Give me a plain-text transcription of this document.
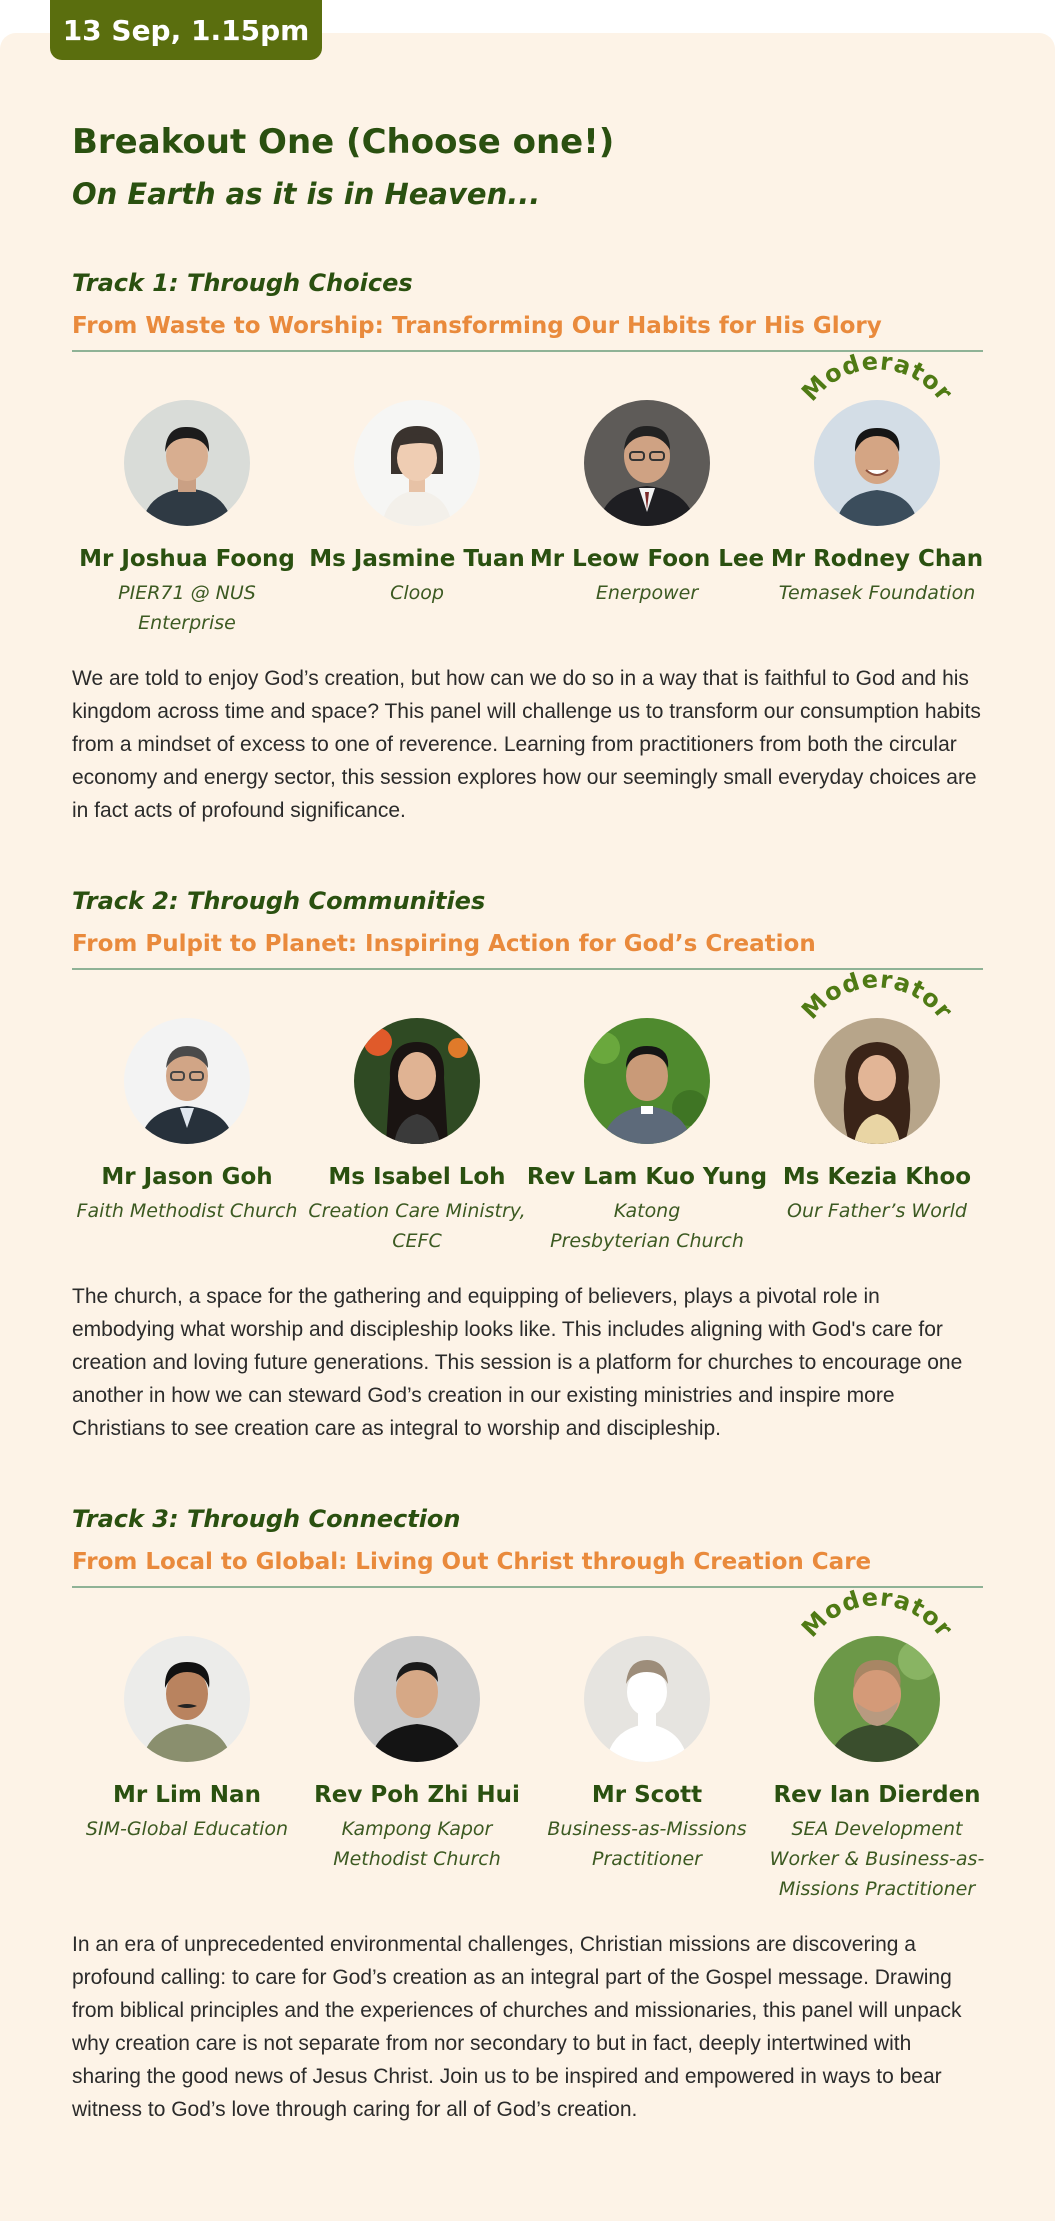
13 Sep, 1.15pm
Breakout One (Choose one!)
On Earth as it is in Heaven...
Track 1: Through Choices
From Waste to Worship: Transforming Our Habits for His Glory
Mr Joshua Foong
PIER71 @ NUS
Enterprise
Ms Jasmine Tuan
Cloop
Mr Leow Foon Lee
Enerpower
Moderator
Mr Rodney Chan
Temasek Foundation

We are told to enjoy God’s creation, but how can we do so in a way that is faithful to God and his kingdom across time and space? This panel will challenge us to transform our consumption habits from a mindset of excess to one of reverence. Learning from practitioners from both the circular economy and energy sector, this session explores how our seemingly small everyday choices are in fact acts of profound significance.

Track 2: Through Communities
From Pulpit to Planet: Inspiring Action for God’s Creation
Mr Jason Goh
Faith Methodist Church
Ms Isabel Loh
Creation Care Ministry,
CEFC
Rev Lam Kuo Yung
Katong
Presbyterian Church
Moderator
Ms Kezia Khoo
Our Father’s World

The church, a space for the gathering and equipping of believers, plays a pivotal role in embodying what worship and discipleship looks like. This includes aligning with God's care for creation and loving future generations. This session is a platform for churches to encourage one another in how we can steward God’s creation in our existing ministries and inspire more Christians to see creation care as integral to worship and discipleship.

Track 3: Through Connection
From Local to Global: Living Out Christ through Creation Care
Mr Lim Nan
SIM-Global Education
Rev Poh Zhi Hui
Kampong Kapor
Methodist Church
Mr Scott
Business-as-Missions
Practitioner
Moderator
Rev Ian Dierden
SEA Development
Worker & Business-as-
Missions Practitioner

In an era of unprecedented environmental challenges, Christian missions are discovering a profound calling: to care for God’s creation as an integral part of the Gospel message. Drawing from biblical principles and the experiences of churches and missionaries, this panel will unpack why creation care is not separate from nor secondary to but in fact, deeply intertwined with sharing the good news of Jesus Christ. Join us to be inspired and empowered in ways to bear witness to God’s love through caring for all of God’s creation.
